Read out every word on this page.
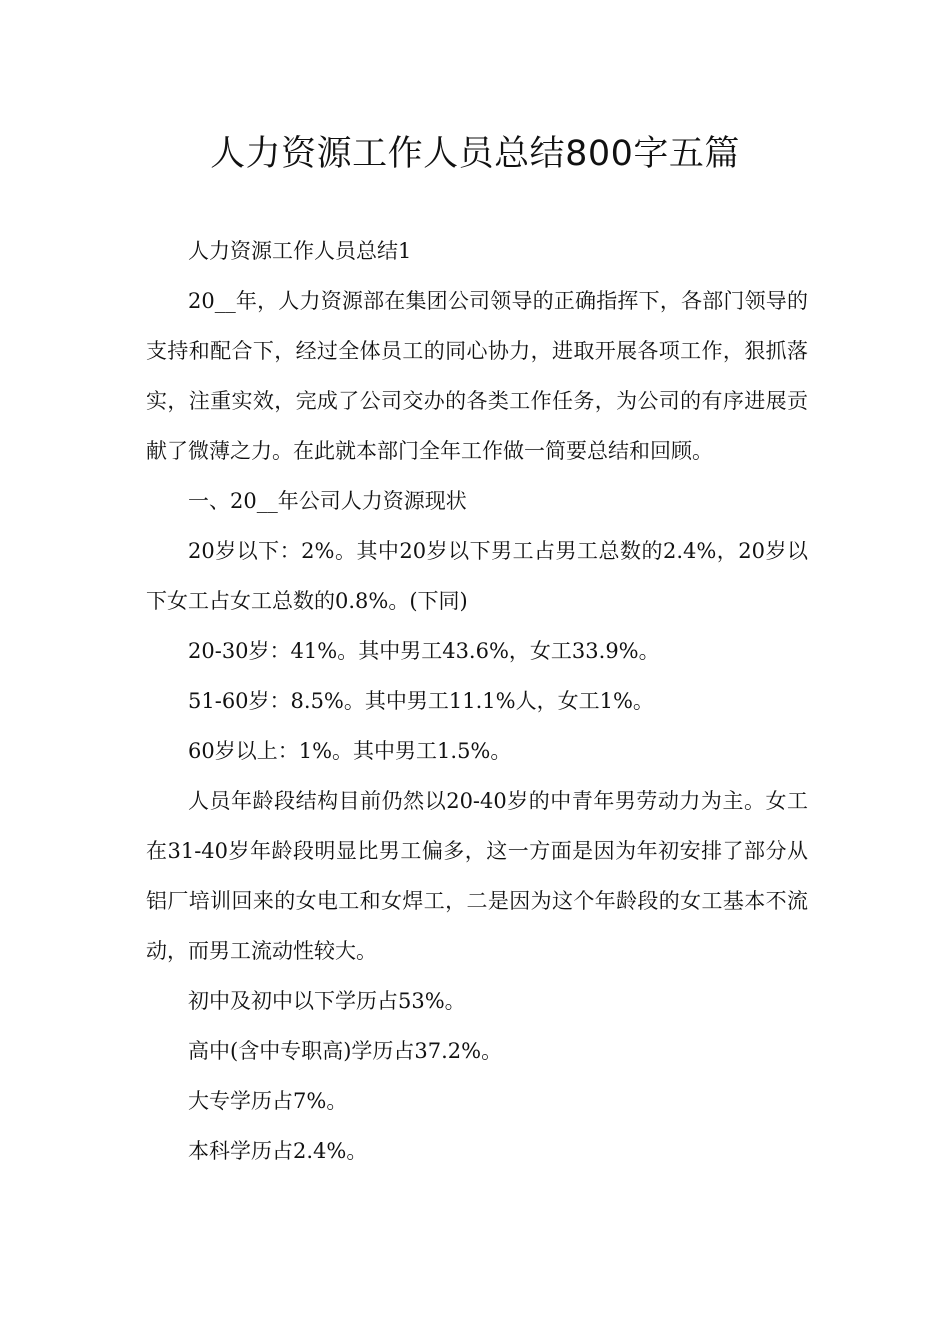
人力资源工作人员总结800字五篇

人力资源工作人员总结1

20__年，人力资源部在集团公司领导的正确指挥下，各部门领导的支持和配合下，经过全体员工的同心协力，进取开展各项工作，狠抓落实，注重实效，完成了公司交办的各类工作任务，为公司的有序进展贡献了微薄之力。在此就本部门全年工作做一简要总结和回顾。

一、20__年公司人力资源现状

20岁以下：2%。其中20岁以下男工占男工总数的2.4%，20岁以下女工占女工总数的0.8%。(下同)

20-30岁：41%。其中男工43.6%，女工33.9%。

51-60岁：8.5%。其中男工11.1%人，女工1%。

60岁以上：1%。其中男工1.5%。

人员年龄段结构目前仍然以20-40岁的中青年男劳动力为主。女工在31-40岁年龄段明显比男工偏多，这一方面是因为年初安排了部分从铝厂培训回来的女电工和女焊工，二是因为这个年龄段的女工基本不流动，而男工流动性较大。

初中及初中以下学历占53%。

高中(含中专职高)学历占37.2%。

大专学历占7%。

本科学历占2.4%。
